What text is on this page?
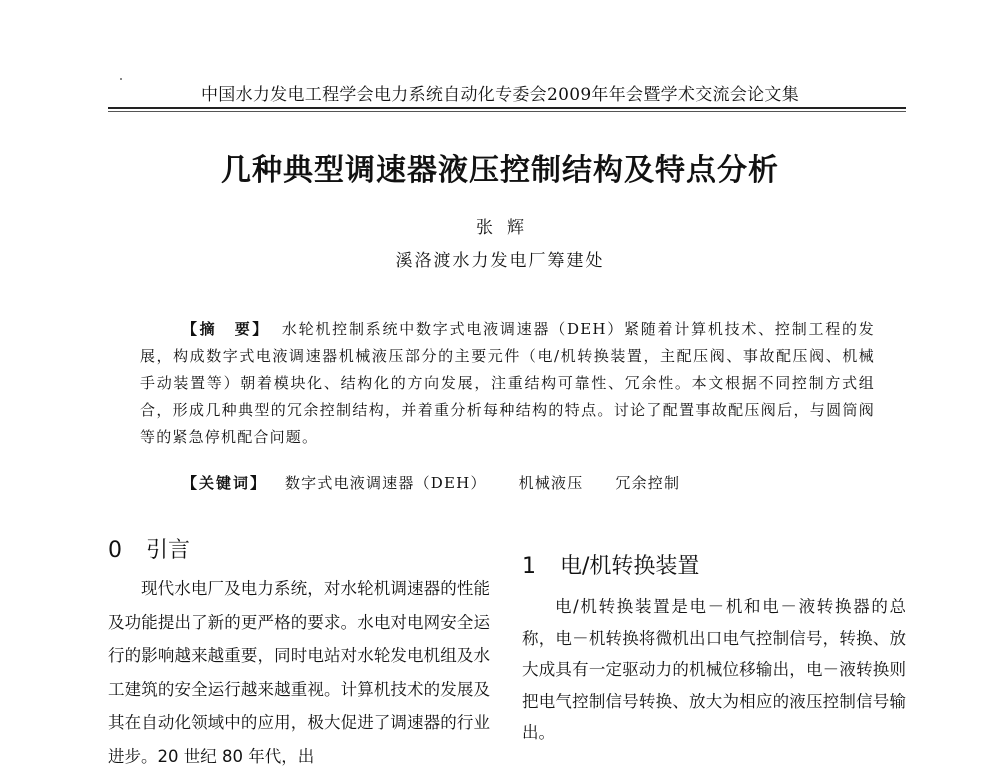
中国水力发电工程学会电力系统自动化专委会2009年年会暨学术交流会论文集
几种典型调速器液压控制结构及特点分析
张辉
溪洛渡水力发电厂筹建处
【摘　要】 水轮机控制系统中数字式电液调速器（DEH）紧随着计算机技术、控制工程的发展，构成数字式电液调速器机械液压部分的主要元件（电/机转换装置，主配压阀、事故配压阀、机械手动装置等）朝着模块化、结构化的方向发展，注重结构可靠性、冗余性。本文根据不同控制方式组合，形成几种典型的冗余控制结构，并着重分析每种结构的特点。讨论了配置事故配压阀后，与圆筒阀等的紧急停机配合问题。
【关键词】 数字式电液调速器（DEH） 机械液压 冗余控制
0 引言
现代水电厂及电力系统，对水轮机调速器的性能及功能提出了新的更严格的要求。水电对电网安全运行的影响越来越重要，同时电站对水轮发电机组及水工建筑的安全运行越来越重视。计算机技术的发展及其在自动化领域中的应用，极大促进了调速器的行业进步。20 世纪 80 年代，出
1 电/机转换装置
电/机转换装置是电－机和电－液转换器的总称，电－机转换将微机出口电气控制信号，转换、放大成具有一定驱动力的机械位移输出，电－液转换则把电气控制信号转换、放大为相应的液压控制信号输出。
